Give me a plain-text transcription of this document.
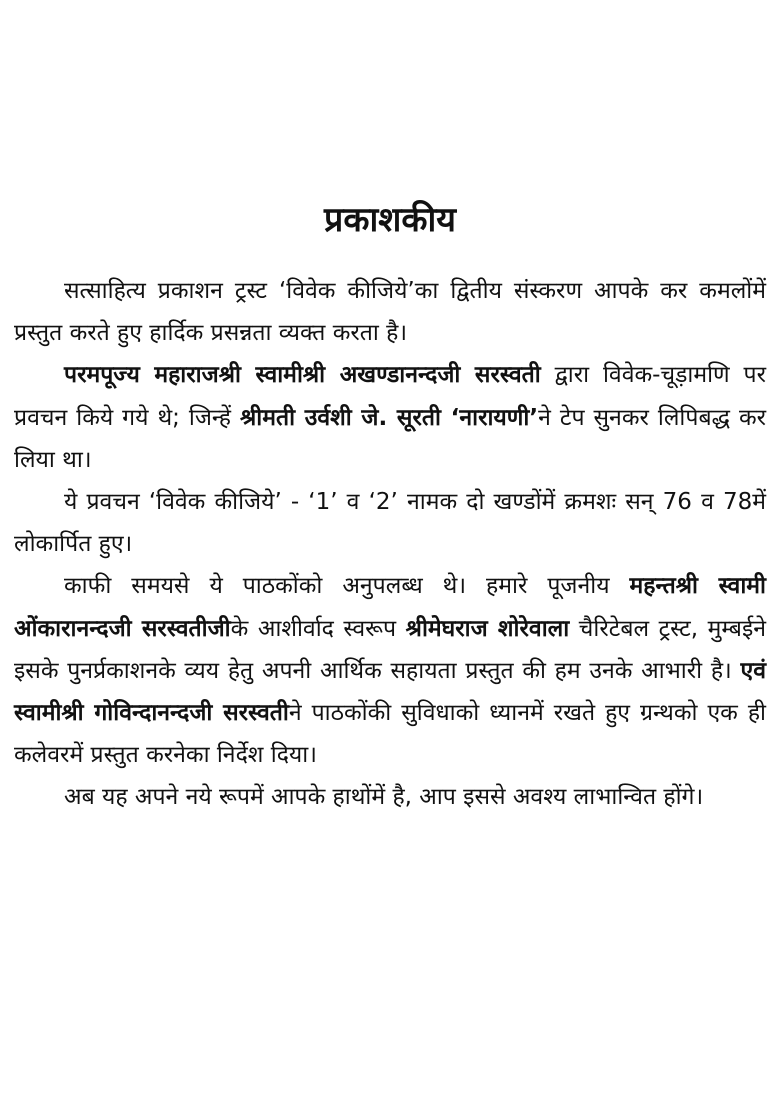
प्रकाशकीय

सत्साहित्य प्रकाशन ट्रस्ट ‘विवेक कीजिये’का द्वितीय संस्करण आपके कर कमलोंमें प्रस्तुत करते हुए हार्दिक प्रसन्नता व्यक्त करता है।

परमपूज्य महाराजश्री स्वामीश्री अखण्डानन्दजी सरस्वती द्वारा विवेक-चूड़ामणि पर प्रवचन किये गये थे; जिन्हें श्रीमती उर्वशी जे. सूरती ‘नारायणी’ने टेप सुनकर लिपिबद्ध कर लिया था।

ये प्रवचन ‘विवेक कीजिये’ - ‘1’ व ‘2’ नामक दो खण्डोंमें क्रमशः सन् 76 व 78में लोकार्पित हुए।

काफी समयसे ये पाठकोंको अनुपलब्ध थे। हमारे पूजनीय महन्तश्री स्वामी ओंकारानन्दजी सरस्वतीजीके आशीर्वाद स्वरूप श्रीमेघराज शोरेवाला चैरिटेबल ट्रस्ट, मुम्बईने इसके पुनर्प्रकाशनके व्यय हेतु अपनी आर्थिक सहायता प्रस्तुत की हम उनके आभारी है। एवं स्वामीश्री गोविन्दानन्दजी सरस्वतीने पाठकोंकी सुविधाको ध्यानमें रखते हुए ग्रन्थको एक ही कलेवरमें प्रस्तुत करनेका निर्देश दिया।

अब यह अपने नये रूपमें आपके हाथोंमें है, आप इससे अवश्य लाभान्वित होंगे।
